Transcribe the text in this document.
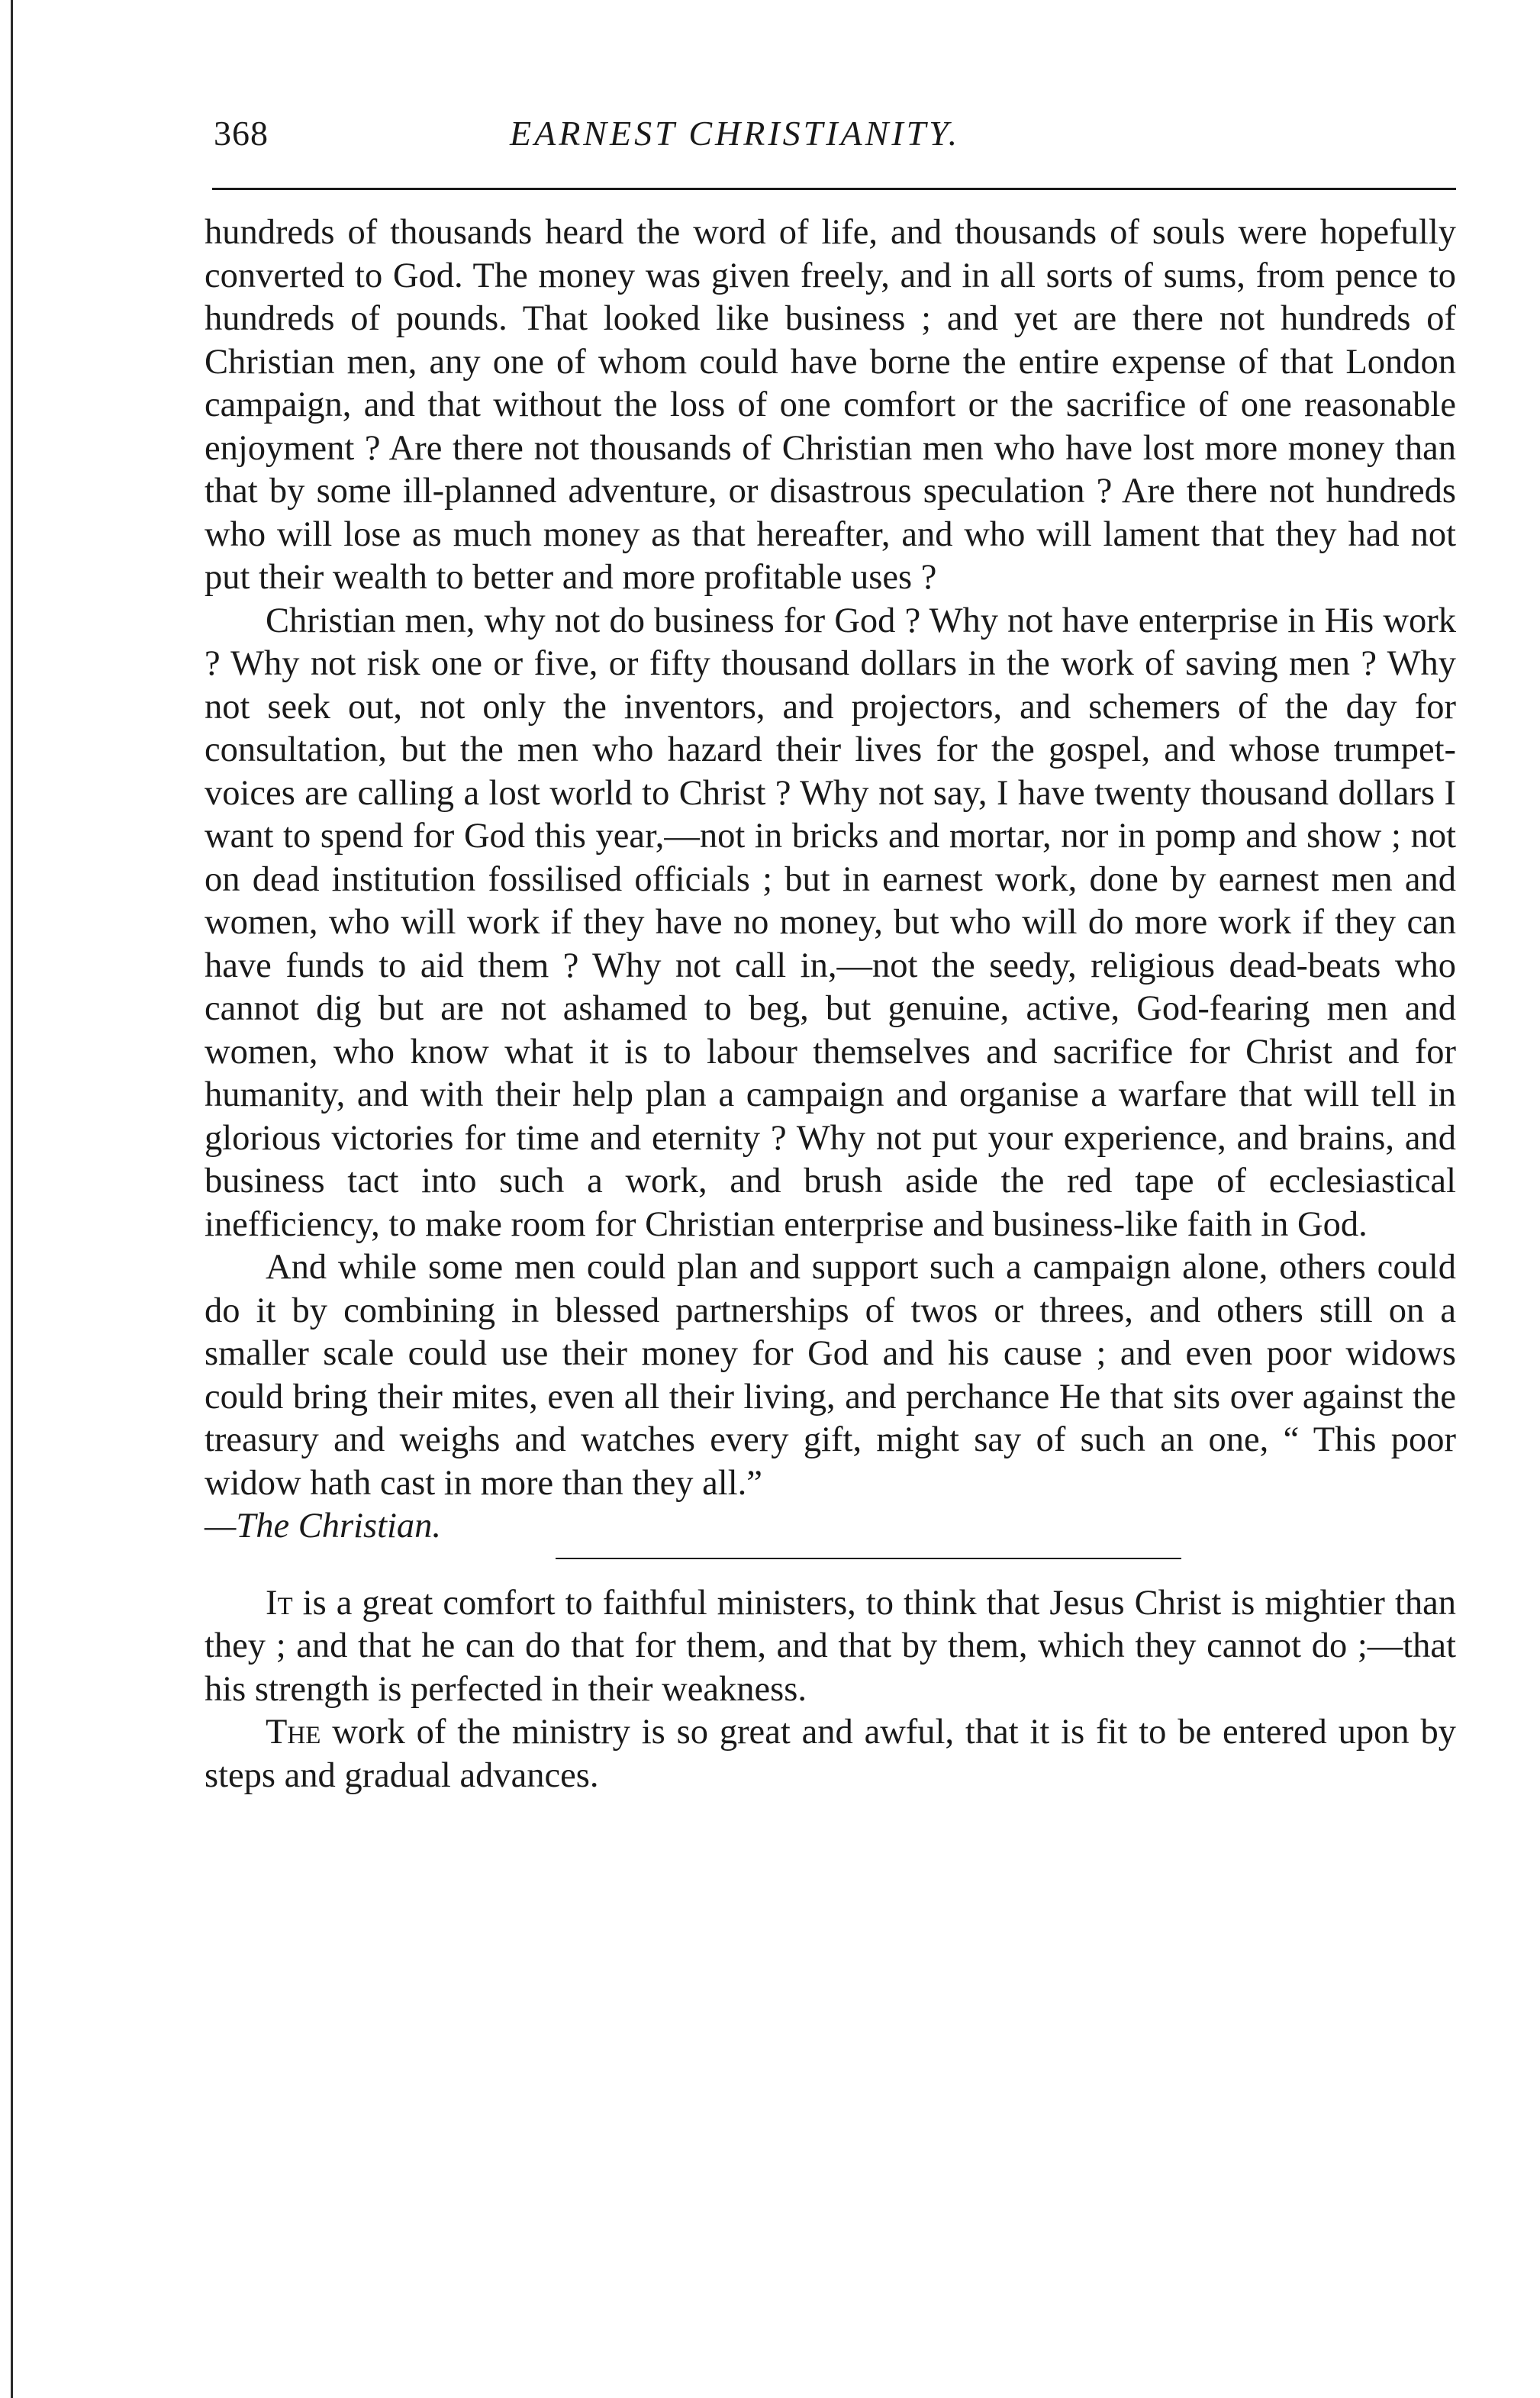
368	EARNEST CHRISTIANITY.

hundreds of thousands heard the word of life, and thousands of souls were hopefully converted to God. The money was given freely, and in all sorts of sums, from pence to hundreds of pounds. That looked like business ; and yet are there not hundreds of Christian men, any one of whom could have borne the entire expense of that London campaign, and that without the loss of one comfort or the sacrifice of one reasonable enjoyment ? Are there not thousands of Christian men who have lost more money than that by some ill-planned adventure, or disastrous speculation ? Are there not hundreds who will lose as much money as that hereafter, and who will lament that they had not put their wealth to better and more profitable uses ?

Christian men, why not do business for God ? Why not have enterprise in His work ? Why not risk one or five, or fifty thousand dollars in the work of saving men ? Why not seek out, not only the inventors, and projectors, and schemers of the day for consultation, but the men who hazard their lives for the gospel, and whose trumpet-voices are calling a lost world to Christ ? Why not say, I have twenty thousand dollars I want to spend for God this year,—not in bricks and mortar, nor in pomp and show ; not on dead institution fossilised officials ; but in earnest work, done by earnest men and women, who will work if they have no money, but who will do more work if they can have funds to aid them ? Why not call in,—not the seedy, religious dead-beats who cannot dig but are not ashamed to beg, but genuine, active, God-fearing men and women, who know what it is to labour themselves and sacrifice for Christ and for humanity, and with their help plan a campaign and organise a warfare that will tell in glorious victories for time and eternity ? Why not put your experience, and brains, and business tact into such a work, and brush aside the red tape of ecclesiastical inefficiency, to make room for Christian enterprise and business-like faith in God.

And while some men could plan and support such a campaign alone, others could do it by combining in blessed partnerships of twos or threes, and others still on a smaller scale could use their money for God and his cause ; and even poor widows could bring their mites, even all their living, and perchance He that sits over against the treasury and weighs and watches every gift, might say of such an one, “ This poor widow hath cast in more than they all.”

—The Christian.

It is a great comfort to faithful ministers, to think that Jesus Christ is mightier than they ; and that he can do that for them, and that by them, which they cannot do ;—that his strength is perfected in their weakness.

The work of the ministry is so great and awful, that it is fit to be entered upon by steps and gradual advances.
